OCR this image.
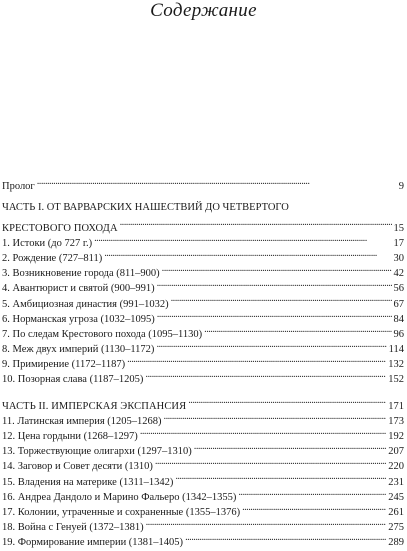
Содержание
Пролог . . .	9
ЧАСТЬ I. ОТ ВАРВАРСКИХ НАШЕСТВИЙ ДО ЧЕТВЕРТОГО
КРЕСТОВОГО ПОХОДА . . .	15
1. Истоки (до 727 г.) . . .	17
2. Рождение (727–811) . . .	30
3. Возникновение города (811–900) . . .	42
4. Авантюрист и святой (900–991) . . .	56
5. Амбициозная династия (991–1032) . . .	67
6. Норманская угроза (1032–1095) . . .	84
7. По следам Крестового похода (1095–1130) . . .	96
8. Меж двух империй (1130–1172) . . .	114
9. Примирение (1172–1187) . . .	132
10. Позорная слава (1187–1205) . . .	152
ЧАСТЬ II. ИМПЕРСКАЯ ЭКСПАНСИЯ . . .	171
11. Латинская империя (1205–1268) . . .	173
12. Цена гордыни (1268–1297) . . .	192
13. Торжествующие олигархи (1297–1310) . . .	207
14. Заговор и Совет десяти (1310) . . .	220
15. Владения на материке (1311–1342) . . .	231
16. Андреа Дандоло и Марино Фальеро (1342–1355) . . .	245
17. Колонии, утраченные и сохраненные (1355–1376) . . .	261
18. Война с Генуей (1372–1381) . . .	275
19. Формирование империи (1381–1405) . . .	289
